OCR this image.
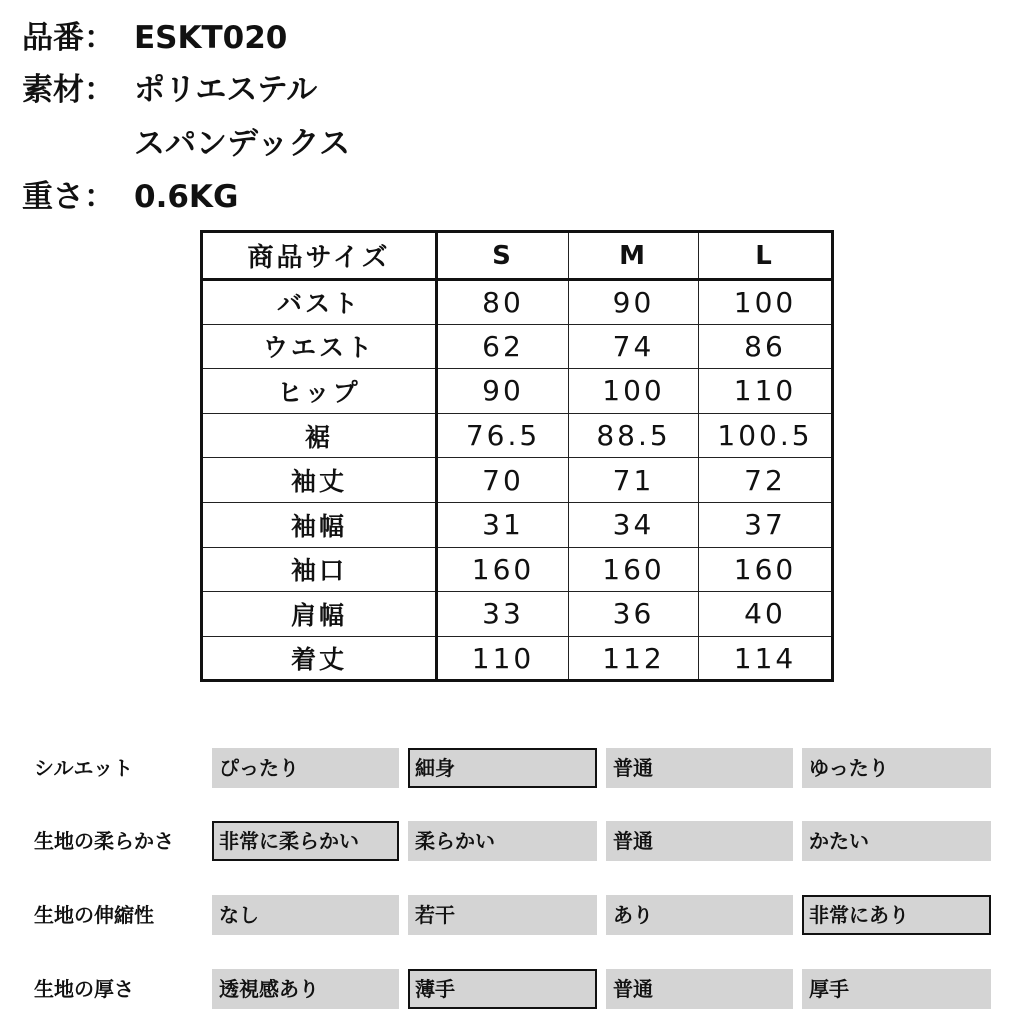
品番： ESKT020
素材： ポリエステル
スパンデックス
重さ： 0.6KG
商品サイズ	S	M	L
バスト	80	90	100
ウエスト	62	74	86
ヒップ	90	100	110
裾	76.5	88.5	100.5
袖丈	70	71	72
袖幅	31	34	37
袖口	160	160	160
肩幅	33	36	40
着丈	110	112	114
シルエット	ぴったり	細身	普通	ゆったり
生地の柔らかさ	非常に柔らかい	柔らかい	普通	かたい
生地の伸縮性	なし	若干	あり	非常にあり
生地の厚さ	透視感あり	薄手	普通	厚手
